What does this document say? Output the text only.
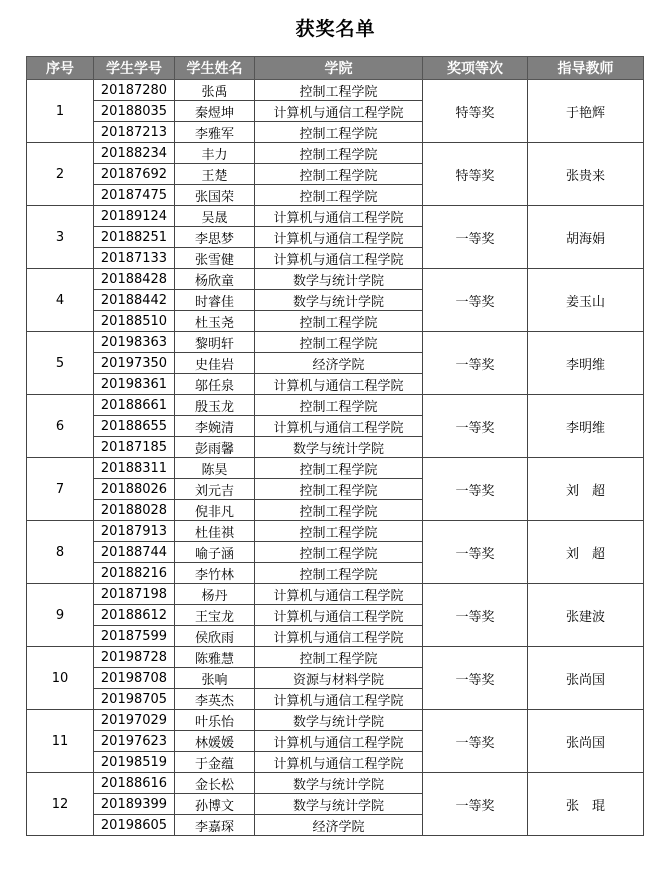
获奖名单
序号	学生学号	学生姓名	学院	奖项等次	指导教师
1	20187280	张禹	控制工程学院	特等奖	于艳辉
	20188035	秦煜坤	计算机与通信工程学院		
	20187213	李雅军	控制工程学院		
2	20188234	丰力	控制工程学院	特等奖	张贵来
	20187692	王楚	控制工程学院		
	20187475	张国荣	控制工程学院		
3	20189124	吴晟	计算机与通信工程学院	一等奖	胡海娟
	20188251	李思梦	计算机与通信工程学院		
	20187133	张雪健	计算机与通信工程学院		
4	20188428	杨欣童	数学与统计学院	一等奖	姜玉山
	20188442	时睿佳	数学与统计学院		
	20188510	杜玉尧	控制工程学院		
5	20198363	黎明轩	控制工程学院	一等奖	李明维
	20197350	史佳岩	经济学院		
	20198361	邬任泉	计算机与通信工程学院		
6	20188661	殷玉龙	控制工程学院	一等奖	李明维
	20188655	李婉清	计算机与通信工程学院		
	20187185	彭雨馨	数学与统计学院		
7	20188311	陈昊	控制工程学院	一等奖	刘　超
	20188026	刘元吉	控制工程学院		
	20188028	倪非凡	控制工程学院		
8	20187913	杜佳祺	控制工程学院	一等奖	刘　超
	20188744	喻子涵	控制工程学院		
	20188216	李竹林	控制工程学院		
9	20187198	杨丹	计算机与通信工程学院	一等奖	张建波
	20188612	王宝龙	计算机与通信工程学院		
	20187599	侯欣雨	计算机与通信工程学院		
10	20198728	陈雅慧	控制工程学院	一等奖	张尚国
	20198708	张响	资源与材料学院		
	20198705	李英杰	计算机与通信工程学院		
11	20197029	叶乐怡	数学与统计学院	一等奖	张尚国
	20197623	林媛媛	计算机与通信工程学院		
	20198519	于金蕴	计算机与通信工程学院		
12	20188616	金长松	数学与统计学院	一等奖	张　琨
	20189399	孙博文	数学与统计学院		
	20198605	李嘉琛	经济学院		
